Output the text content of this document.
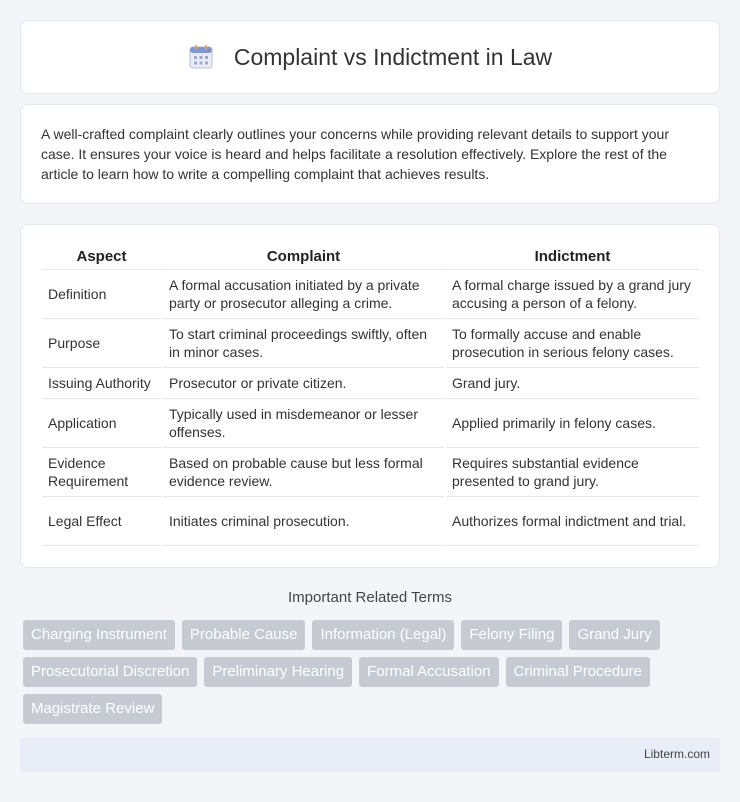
Complaint vs Indictment in Law

A well-crafted complaint clearly outlines your concerns while providing relevant details to support your case. It ensures your voice is heard and helps facilitate a resolution effectively. Explore the rest of the article to learn how to write a compelling complaint that achieves results.

Aspect	Complaint	Indictment
Definition	A formal accusation initiated by a private party or prosecutor alleging a crime.	A formal charge issued by a grand jury accusing a person of a felony.
Purpose	To start criminal proceedings swiftly, often in minor cases.	To formally accuse and enable prosecution in serious felony cases.
Issuing Authority	Prosecutor or private citizen.	Grand jury.
Application	Typically used in misdemeanor or lesser offenses.	Applied primarily in felony cases.
Evidence Requirement	Based on probable cause but less formal evidence review.	Requires substantial evidence presented to grand jury.
Legal Effect	Initiates criminal prosecution.	Authorizes formal indictment and trial.
Important Related Terms
Charging Instrument	Probable Cause	Information (Legal)	Felony Filing	Grand Jury
Prosecutorial Discretion	Preliminary Hearing	Formal Accusation	Criminal Procedure
Magistrate Review
Libterm.com
